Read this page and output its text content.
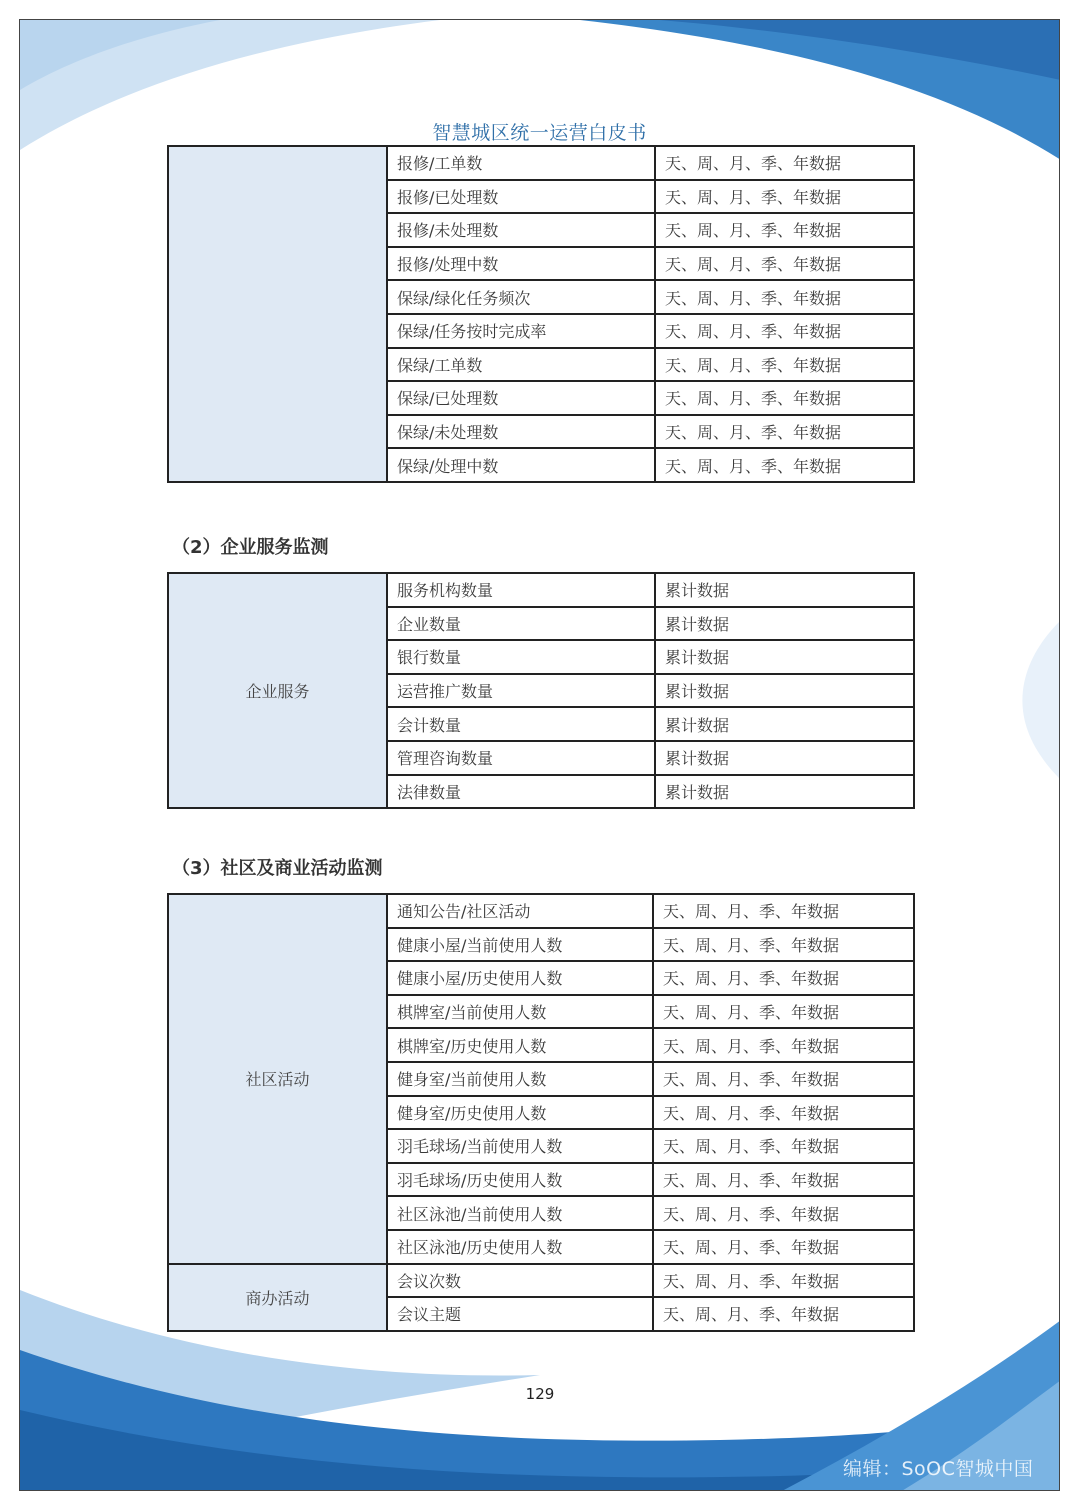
智慧城区统一运营白皮书
	报修/工单数	天、周、月、季、年数据
	报修/已处理数	天、周、月、季、年数据
	报修/未处理数	天、周、月、季、年数据
	报修/处理中数	天、周、月、季、年数据
	保绿/绿化任务频次	天、周、月、季、年数据
	保绿/任务按时完成率	天、周、月、季、年数据
	保绿/工单数	天、周、月、季、年数据
	保绿/已处理数	天、周、月、季、年数据
	保绿/未处理数	天、周、月、季、年数据
	保绿/处理中数	天、周、月、季、年数据
（2）企业服务监测
企业服务	服务机构数量	累计数据
	企业数量	累计数据
	银行数量	累计数据
	运营推广数量	累计数据
	会计数量	累计数据
	管理咨询数量	累计数据
	法律数量	累计数据
（3）社区及商业活动监测
社区活动	通知公告/社区活动	天、周、月、季、年数据
	健康小屋/当前使用人数	天、周、月、季、年数据
	健康小屋/历史使用人数	天、周、月、季、年数据
	棋牌室/当前使用人数	天、周、月、季、年数据
	棋牌室/历史使用人数	天、周、月、季、年数据
	健身室/当前使用人数	天、周、月、季、年数据
	健身室/历史使用人数	天、周、月、季、年数据
	羽毛球场/当前使用人数	天、周、月、季、年数据
	羽毛球场/历史使用人数	天、周、月、季、年数据
	社区泳池/当前使用人数	天、周、月、季、年数据
	社区泳池/历史使用人数	天、周、月、季、年数据
商办活动	会议次数	天、周、月、季、年数据
	会议主题	天、周、月、季、年数据
129
编辑：SoOC智城中国
